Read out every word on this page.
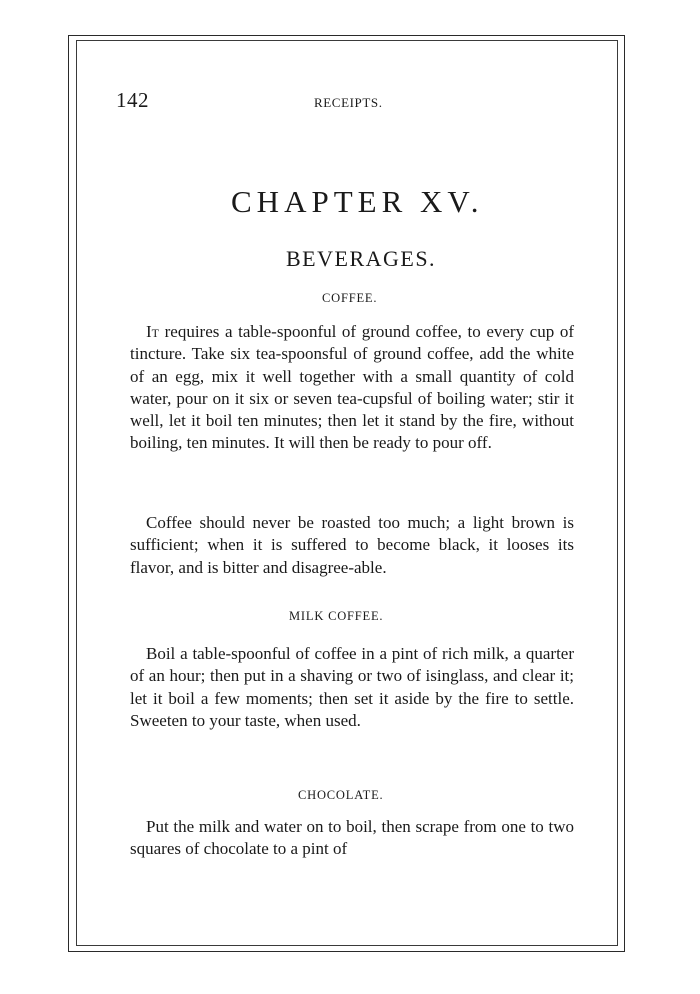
142	RECEIPTS.
CHAPTER XV.
BEVERAGES.
COFFEE.

It requires a table-spoonful of ground coffee, to every cup of tincture. Take six tea-spoonsful of ground coffee, add the white of an egg, mix it well together with a small quantity of cold water, pour on it six or seven tea-cupsful of boiling water; stir it well, let it boil ten minutes; then let it stand by the fire, without boiling, ten minutes. It will then be ready to pour off.

Coffee should never be roasted too much; a light brown is sufficient; when it is suffered to become black, it looses its flavor, and is bitter and disagree-able.

MILK COFFEE.

Boil a table-spoonful of coffee in a pint of rich milk, a quarter of an hour; then put in a shaving or two of isinglass, and clear it; let it boil a few moments; then set it aside by the fire to settle. Sweeten to your taste, when used.

CHOCOLATE.

Put the milk and water on to boil, then scrape from one to two squares of chocolate to a pint of
